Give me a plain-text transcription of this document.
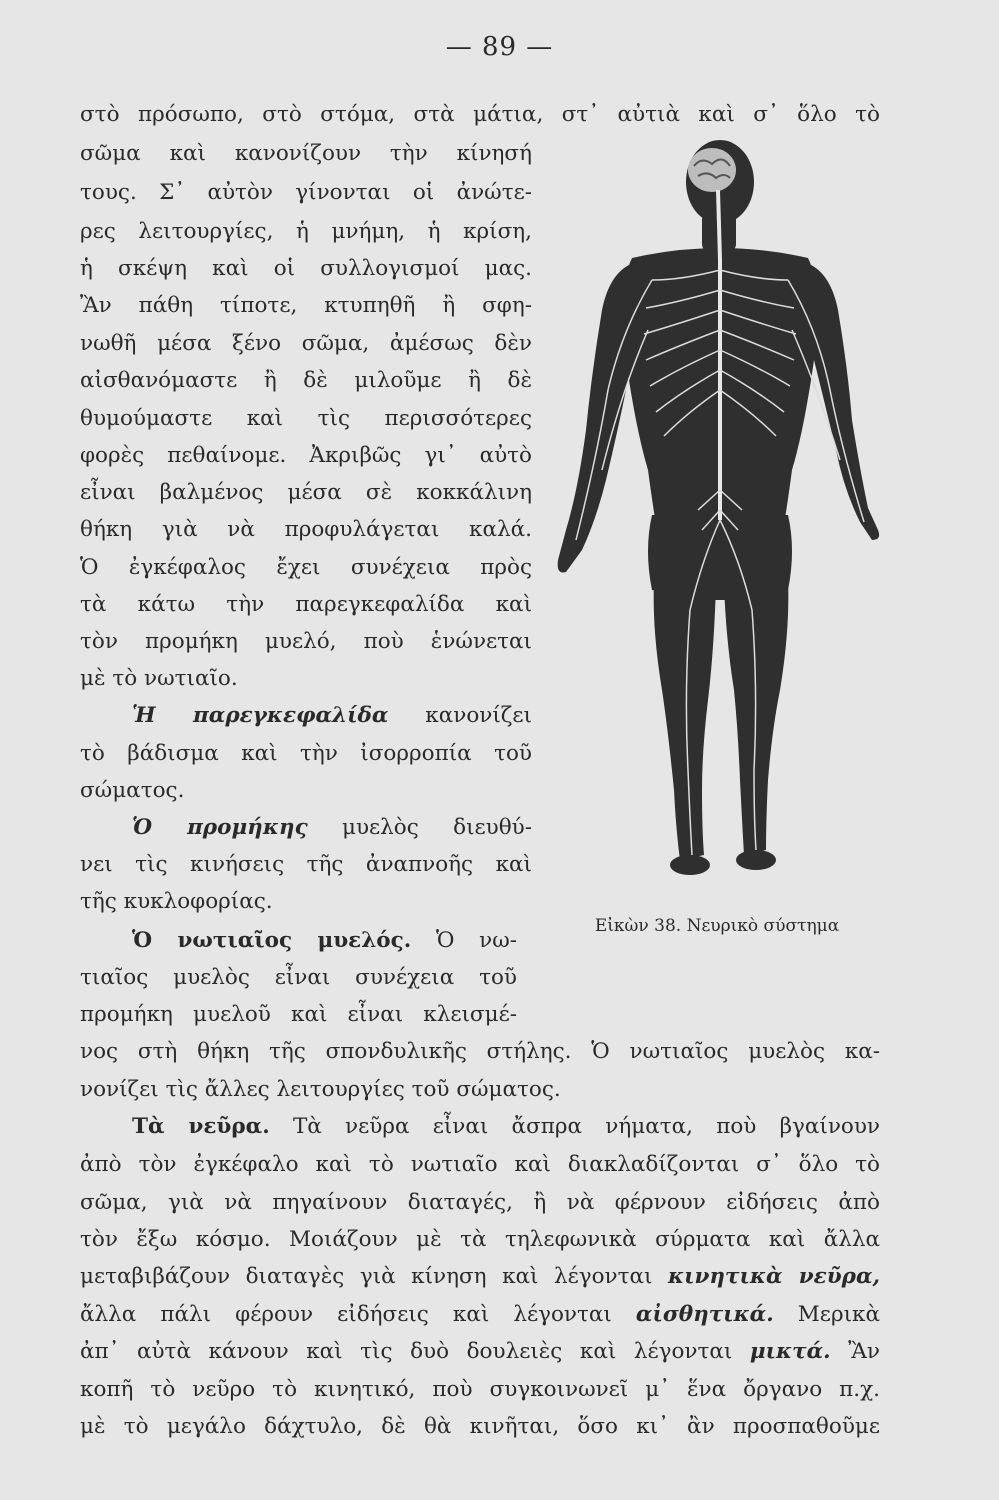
— 89 —
στὸ πρόσωπο, στὸ στόμα, στὰ μάτια, στ᾿ αὐτιὰ καὶ σ᾿ ὅλο τὸ
σῶμα καὶ κανονίζουν τὴν κίνησή
τους. Σ᾿ αὐτὸν γίνονται οἱ ἀνώτε-
ρες λειτουργίες, ἡ μνήμη, ἡ κρίση,
ἡ σκέψη καὶ οἱ συλλογισμοί μας.
Ἂν πάθη τίποτε, κτυπηθῆ ἢ σφη-
νωθῆ μέσα ξένο σῶμα, ἀμέσως δὲν
αἰσθανόμαστε ἢ δὲ μιλοῦμε ἢ δὲ
θυμούμαστε καὶ τὶς περισσότερες
φορὲς πεθαίνομε. Ἀκριβῶς γι᾿ αὐτὸ
εἶναι βαλμένος μέσα σὲ κοκκάλινη
θήκη γιὰ νὰ προφυλάγεται καλά.
Ὁ ἐγκέφαλος ἔχει συνέχεια πρὸς
τὰ κάτω τὴν παρεγκεφαλίδα καὶ
τὸν προμήκη μυελό, ποὺ ἑνώνεται
μὲ τὸ νωτιαῖο.
Ἡ παρεγκεφαλίδα κανονίζει
τὸ βάδισμα καὶ τὴν ἰσορροπία τοῦ
σώματος.
Ὁ προμήκης μυελὸς διευθύ-
νει τὶς κινήσεις τῆς ἀναπνοῆς καὶ
τῆς κυκλοφορίας.
Ὁ νωτιαῖος μυελός. Ὁ νω-
τιαῖος μυελὸς εἶναι συνέχεια τοῦ
προμήκη μυελοῦ καὶ εἶναι κλεισμέ-
νος στὴ θήκη τῆς σπονδυλικῆς στήλης. Ὁ νωτιαῖος μυελὸς κα-
νονίζει τὶς ἄλλες λειτουργίες τοῦ σώματος.
Τὰ νεῦρα. Τὰ νεῦρα εἶναι ἄσπρα νήματα, ποὺ βγαίνουν
ἀπὸ τὸν ἐγκέφαλο καὶ τὸ νωτιαῖο καὶ διακλαδίζονται σ᾿ ὅλο τὸ
σῶμα, γιὰ νὰ πηγαίνουν διαταγές, ἢ νὰ φέρνουν εἰδήσεις ἀπὸ
τὸν ἔξω κόσμο. Μοιάζουν μὲ τὰ τηλεφωνικὰ σύρματα καὶ ἄλλα
μεταβιβάζουν διαταγὲς γιὰ κίνηση καὶ λέγονται κινητικὰ νεῦρα,
ἄλλα πάλι φέρουν εἰδήσεις καὶ λέγονται αἰσθητικά. Μερικὰ
ἀπ᾿ αὐτὰ κάνουν καὶ τὶς δυὸ δουλειὲς καὶ λέγονται μικτά. Ἂν
κοπῆ τὸ νεῦρο τὸ κινητικό, ποὺ συγκοινωνεῖ μ᾿ ἕνα ὄργανο π.χ.
μὲ τὸ μεγάλο δάχτυλο, δὲ θὰ κινῆται, ὅσο κι᾿ ἂν προσπαθοῦμε
Εἰκὼν 38. Νευρικὸ σύστημα
